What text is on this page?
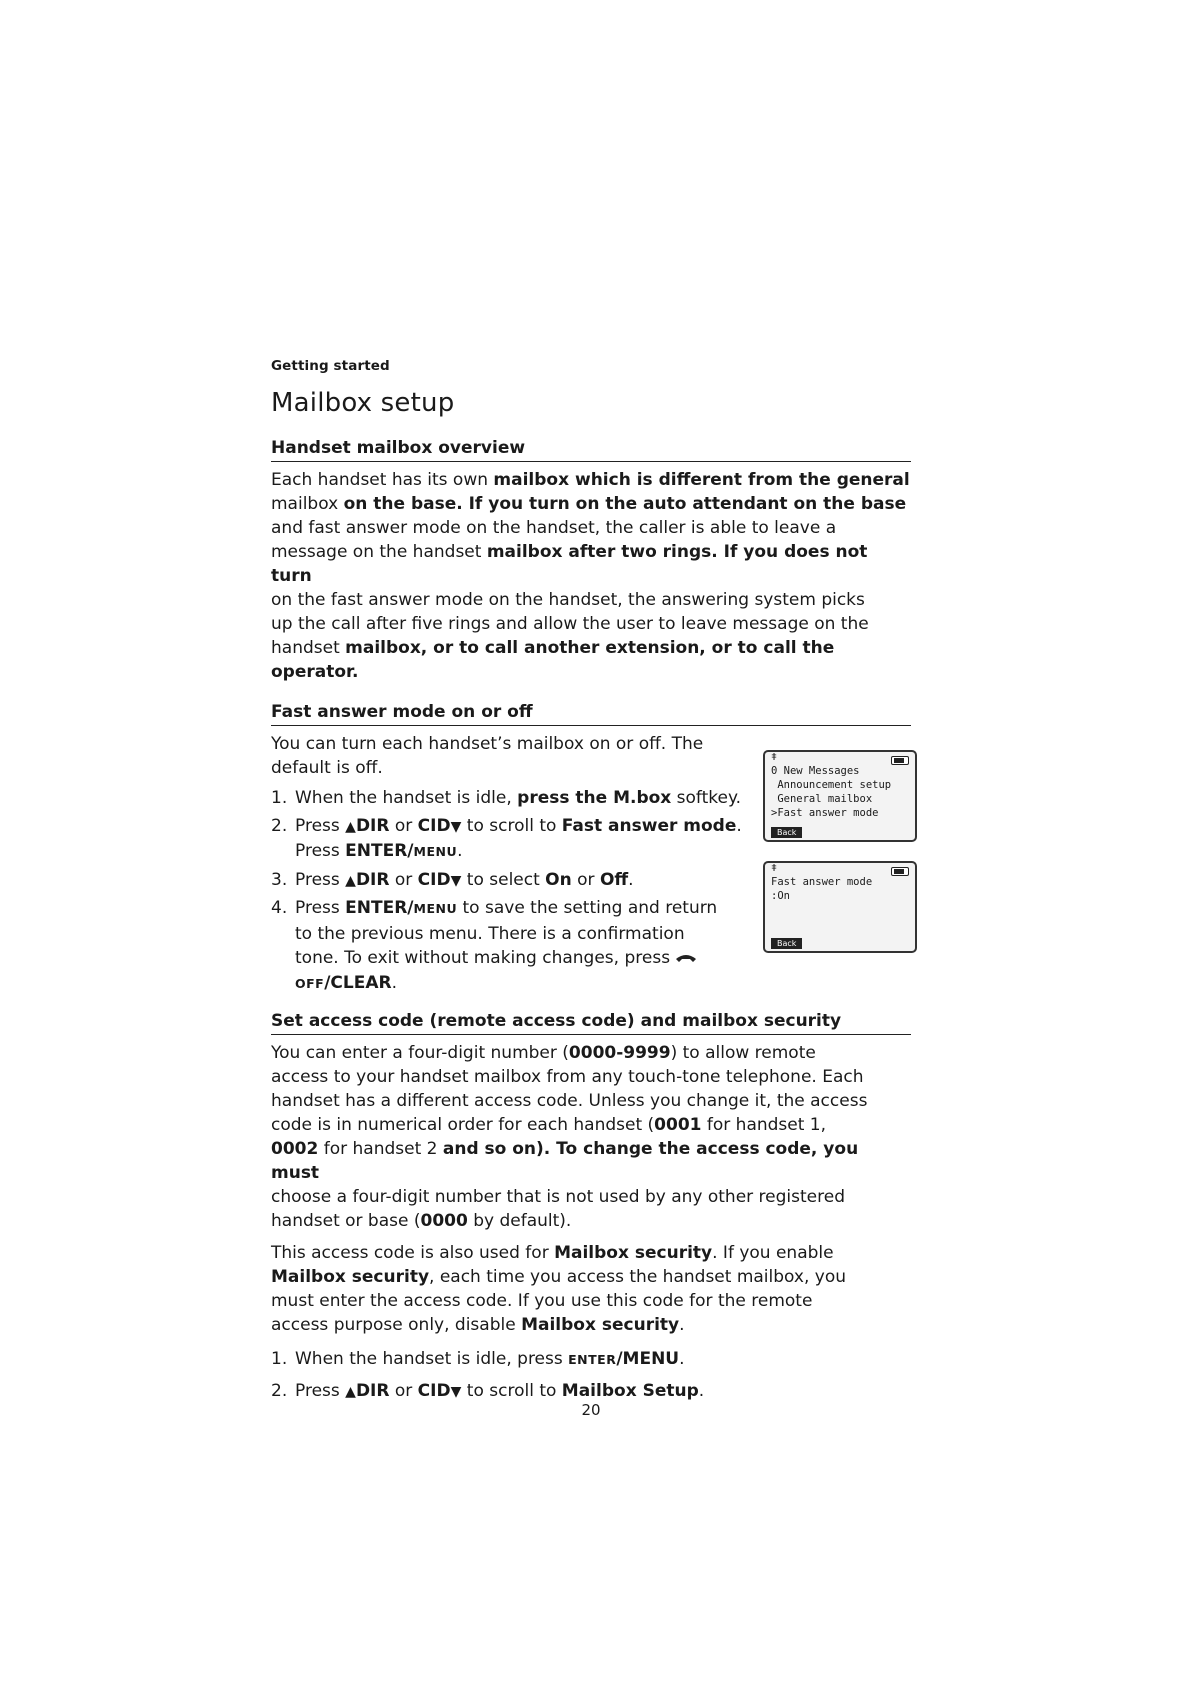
Getting started

Mailbox setup
Handset mailbox overview

Each handset has its own mailbox which is different from the general
mailbox on the base. If you turn on the auto attendant on the base
and fast answer mode on the handset, the caller is able to leave a
message on the handset mailbox after two rings. If you does not turn
on the fast answer mode on the handset, the answering system picks
up the call after five rings and allow the user to leave message on the
handset mailbox, or to call another extension, or to call the operator.

Fast answer mode on or off

You can turn each handset’s mailbox on or off. The
default is off.

1. When the handset is idle, press the M.box softkey.
2. Press ▲DIR or CID▼ to scroll to Fast answer mode. Press ENTER/MENU.
3. Press ▲DIR or CID▼ to select On or Off.
4. Press ENTER/MENU to save the setting and return
to the previous menu. There is a confirmation
tone. To exit without making changes, press OFF/CLEAR.
ǂ
0 New Messages
Announcement setup
General mailbox
>Fast answer mode
Back
ǂ
Fast answer mode
:On
Back
Set access code (remote access code) and mailbox security

You can enter a four-digit number (0000-9999) to allow remote
access to your handset mailbox from any touch-tone telephone. Each
handset has a different access code. Unless you change it, the access
code is in numerical order for each handset (0001 for handset 1,
0002 for handset 2 and so on). To change the access code, you must
choose a four-digit number that is not used by any other registered
handset or base (0000 by default).

This access code is also used for Mailbox security. If you enable
Mailbox security, each time you access the handset mailbox, you
must enter the access code. If you use this code for the remote
access purpose only, disable Mailbox security.

1. When the handset is idle, press ENTER/MENU.
2. Press ▲DIR or CID▼ to scroll to Mailbox Setup.
20
